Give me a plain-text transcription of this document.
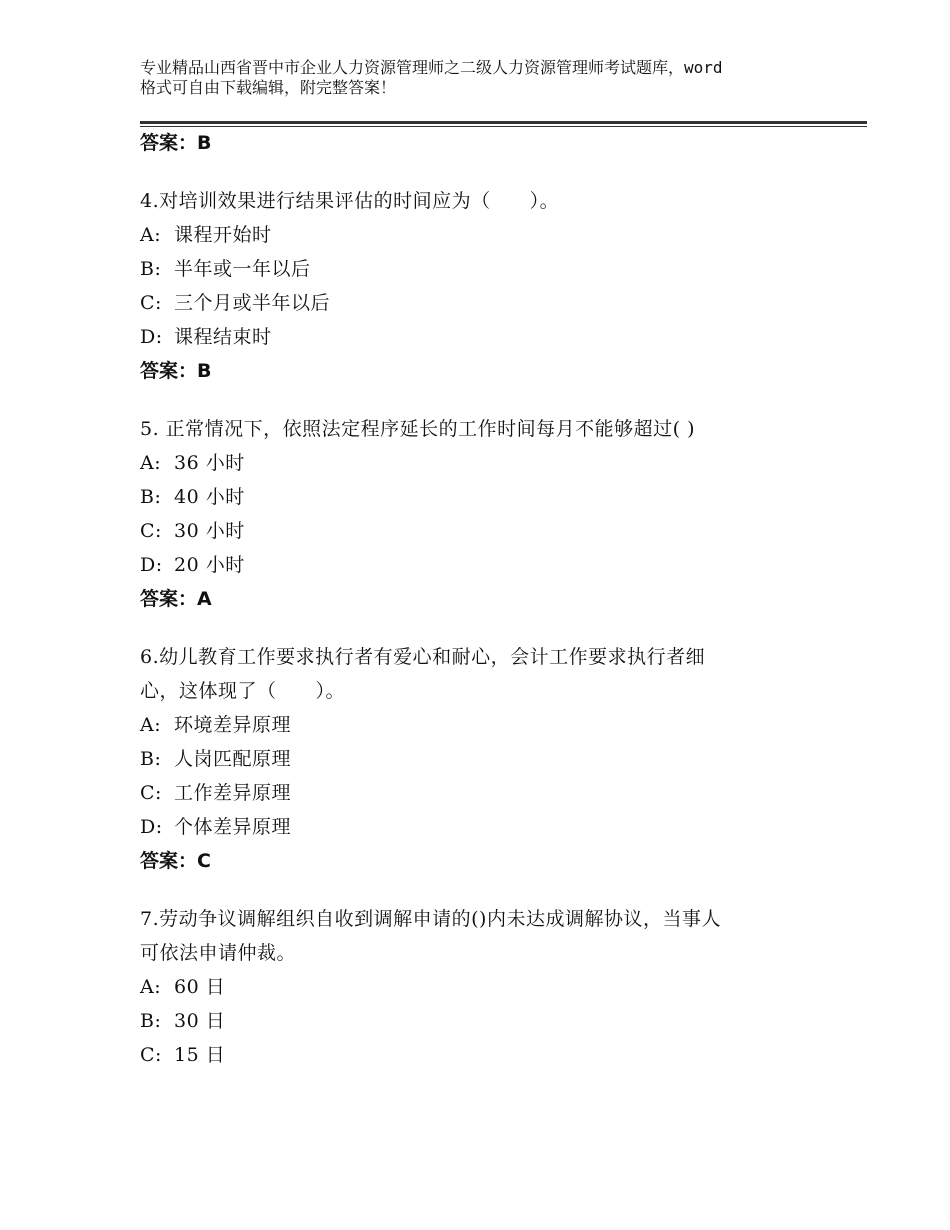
专业精品山西省晋中市企业人力资源管理师之二级人力资源管理师考试题库，word
格式可自由下载编辑，附完整答案！
答案：B
4.对培训效果进行结果评估的时间应为（　　）。
A: 课程开始时
B: 半年或一年以后
C: 三个月或半年以后
D: 课程结束时
答案：B
5. 正常情况下，依照法定程序延长的工作时间每月不能够超过( )
A: 36 小时
B: 40 小时
C: 30 小时
D: 20 小时
答案：A
6.幼儿教育工作要求执行者有爱心和耐心，会计工作要求执行者细
心，这体现了（　　）。
A: 环境差异原理
B: 人岗匹配原理
C: 工作差异原理
D: 个体差异原理
答案：C
7.劳动争议调解组织自收到调解申请的()内未达成调解协议，当事人
可依法申请仲裁。
A: 60 日
B: 30 日
C: 15 日
